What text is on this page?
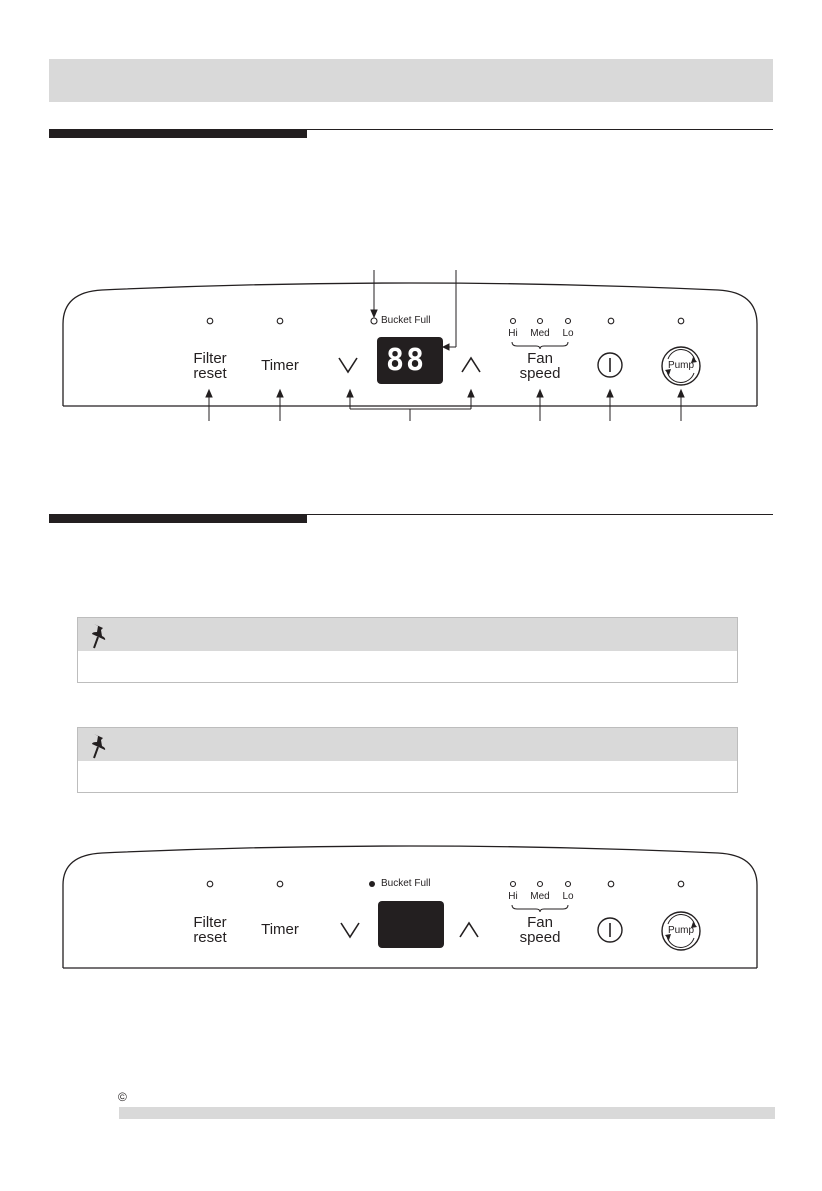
Filter
reset	Timer
Bucket Full
88
Hi	Med	Lo
Fan
speed	Pump
Filter
reset	Timer
Bucket Full
Hi	Med	Lo
Fan
speed	Pump
©
